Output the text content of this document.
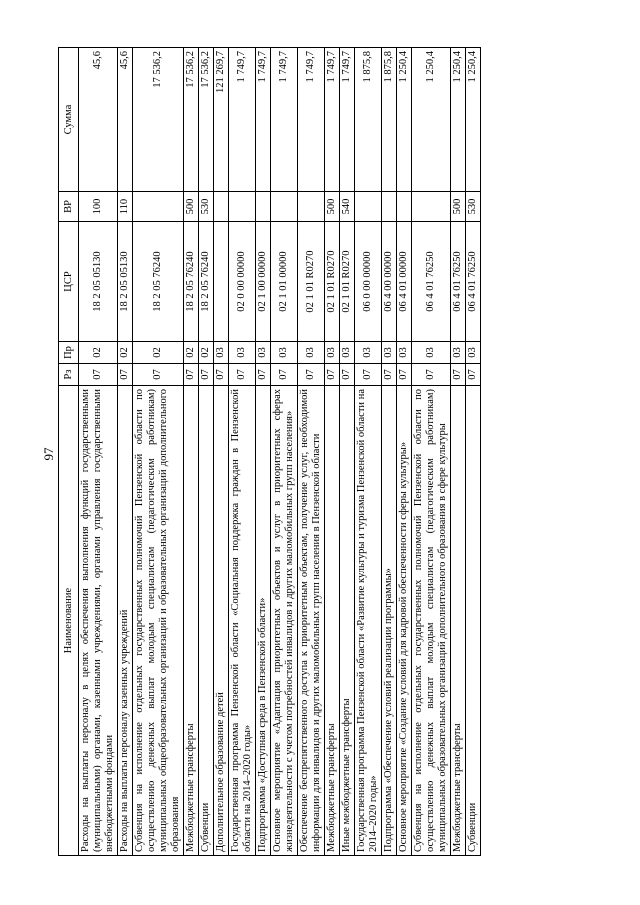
97
Наименование	Рз	Пр	ЦСР	ВР	Сумма
Расходы на выплаты персоналу в целях обеспечения выполнения функций государственными (муниципальными) органами, казенными учреждениями, органами управления государственными внебюджетными фондами	07	02	18 2 05 05130	100	45,6
Расходы на выплаты персоналу казенных учреждений	07	02	18 2 05 05130	110	45,6
Субвенция на исполнение отдельных государственных полномочий Пензенской области по осуществлению денежных выплат молодым специалистам (педагогическим работникам) муниципальных общеобразовательных организаций и образовательных организаций дополнительного образования	07	02	18 2 05 76240		17 536,2
Межбюджетные трансферты	07	02	18 2 05 76240	500	17 536,2
Субвенции	07	02	18 2 05 76240	530	17 536,2
Дополнительное образование детей	07	03			121 269,7
Государственная программа Пензенской области «Социальная поддержка граждан в Пензенской области на 2014–2020 годы»	07	03	02 0 00 00000		1 749,7
Подпрограмма «Доступная среда в Пензенской области»	07	03	02 1 00 00000		1 749,7
Основное мероприятие «Адаптация приоритетных объектов и услуг в приоритетных сферах жизнедеятельности с учетом потребностей инвалидов и других маломобильных групп населения»	07	03	02 1 01 00000		1 749,7
Обеспечение беспрепятственного доступа к приоритетным объектам, получение услуг, необходимой информации для инвалидов и других маломобильных групп населения в Пензенской области	07	03	02 1 01 R0270		1 749,7
Межбюджетные трансферты	07	03	02 1 01 R0270	500	1 749,7
Иные межбюджетные трансферты	07	03	02 1 01 R0270	540	1 749,7
Государственная программа Пензенской области «Развитие культуры и туризма Пензенской области на 2014–2020 годы»	07	03	06 0 00 00000		1 875,8
Подпрограмма «Обеспечение условий реализации программы»	07	03	06 4 00 00000		1 875,8
Основное мероприятие «Создание условий для кадровой обеспеченности сферы культуры»	07	03	06 4 01 00000		1 250,4
Субвенция на исполнение отдельных государственных полномочий Пензенской области по осуществлению денежных выплат молодым специалистам (педагогическим работникам) муниципальных образовательных организаций дополнительного образования в сфере культуры	07	03	06 4 01 76250		1 250,4
Межбюджетные трансферты	07	03	06 4 01 76250	500	1 250,4
Субвенции	07	03	06 4 01 76250	530	1 250,4
